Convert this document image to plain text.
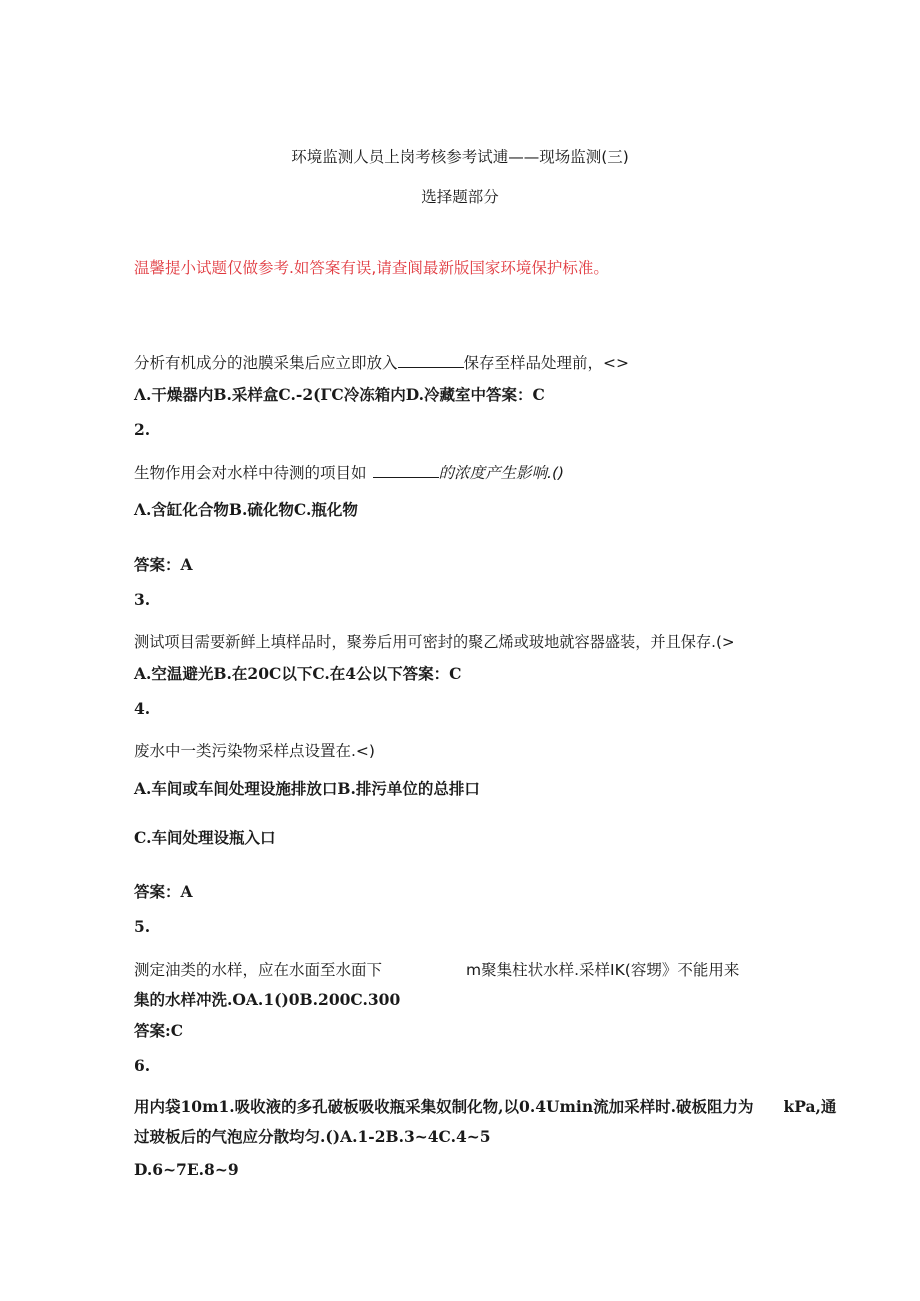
环境监测人员上岗考核参考试逋——现场监测(三)
选择题部分
温馨提小试题仅做参考.如答案有误,请查阆最新版国家环境保护标准。
分析有机成分的池膜采集后应立即放入	保存至样品处理前，<>
Λ.干燥器内B.采样盒C.-2(ΓC冷冻箱内D.冷藏室中答案：C
2.
生物作用会对水样中待测的项目如	的浓度产生影响.()
Λ.含缸化合物B.硫化物C.瓶化物
答案：A
3.
测试项目需要新鲜上填样品时，聚劵后用可密封的聚乙烯或玻地就容器盛装，并且保存.(>
A.空温避光B.在20C以下C.在4公以下答案：C
4.
废水中一类污染物采样点设置在.<)
A.车间或车间处理设施排放口B.排污单位的总排口
C.车间处理设瓶入口
答案：A
5.
测定油类的水样，应在水面至水面下	m聚集柱状水样.采样IK(容甥》不能用来
集的水样冲洗.OA.1()0B.200C.300
答案:C
6.
用内袋10m1.吸收液的多孔破板吸收瓶采集奴制化物,以0.4Umin流加采样时.破板阻力为 kPa,通
过玻板后的气泡应分散均匀.()A.1-2B.3~4C.4~5
D.6~7E.8~9
